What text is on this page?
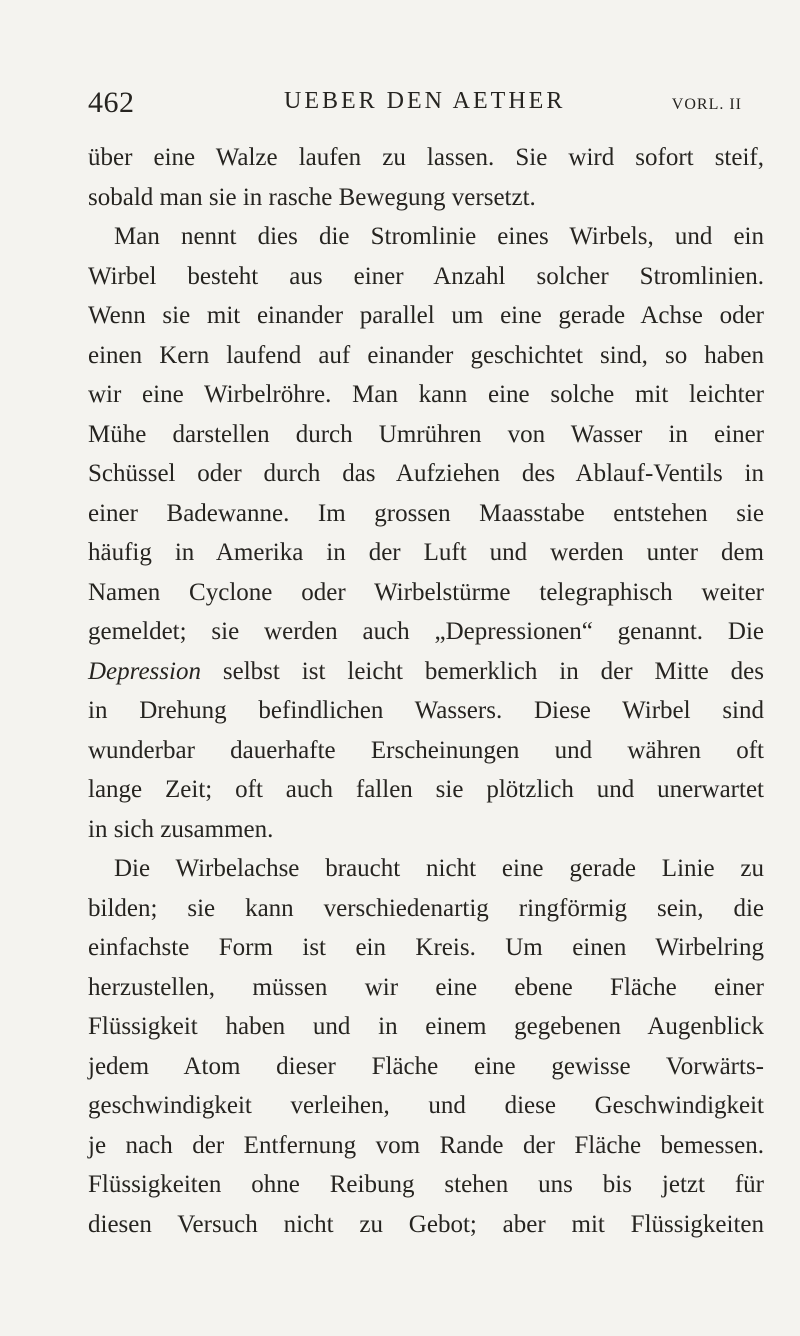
462	UEBER DEN AETHER	VORL. II
über eine Walze laufen zu lassen. Sie wird sofort steif,
sobald man sie in rasche Bewegung versetzt.
Man nennt dies die Stromlinie eines Wirbels, und ein
Wirbel besteht aus einer Anzahl solcher Stromlinien.
Wenn sie mit einander parallel um eine gerade Achse oder
einen Kern laufend auf einander geschichtet sind, so haben
wir eine Wirbelröhre. Man kann eine solche mit leichter
Mühe darstellen durch Umrühren von Wasser in einer
Schüssel oder durch das Aufziehen des Ablauf-Ventils in
einer Badewanne. Im grossen Maasstabe entstehen sie
häufig in Amerika in der Luft und werden unter dem
Namen Cyclone oder Wirbelstürme telegraphisch weiter
gemeldet; sie werden auch „Depressionen“ genannt. Die
Depression selbst ist leicht bemerklich in der Mitte des
in Drehung befindlichen Wassers. Diese Wirbel sind
wunderbar dauerhafte Erscheinungen und währen oft
lange Zeit; oft auch fallen sie plötzlich und unerwartet
in sich zusammen.
Die Wirbelachse braucht nicht eine gerade Linie zu
bilden; sie kann verschiedenartig ringförmig sein, die
einfachste Form ist ein Kreis. Um einen Wirbelring
herzustellen, müssen wir eine ebene Fläche einer
Flüssigkeit haben und in einem gegebenen Augenblick
jedem Atom dieser Fläche eine gewisse Vorwärts-
geschwindigkeit verleihen, und diese Geschwindigkeit
je nach der Entfernung vom Rande der Fläche bemessen.
Flüssigkeiten ohne Reibung stehen uns bis jetzt für
diesen Versuch nicht zu Gebot; aber mit Flüssigkeiten
